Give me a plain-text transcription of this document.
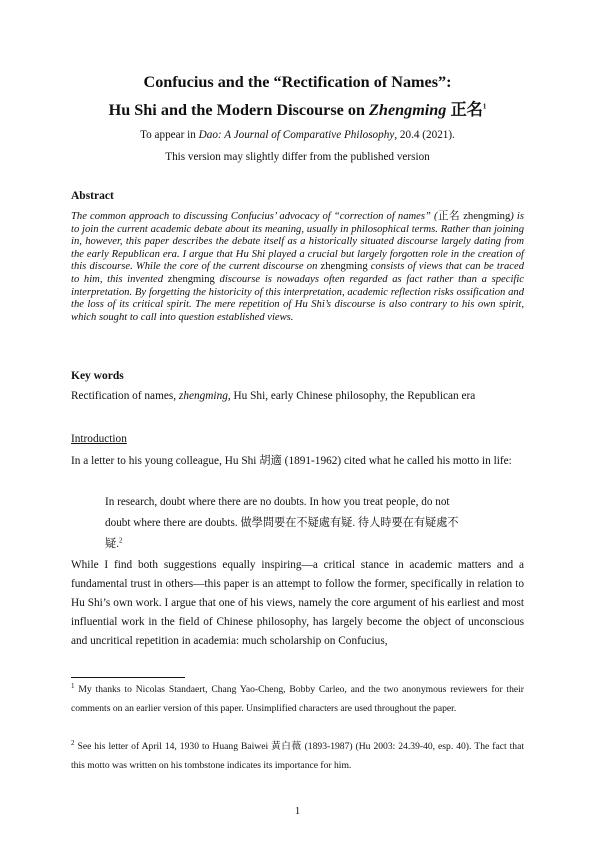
Confucius and the “Rectification of Names”:
Hu Shi and the Modern Discourse on Zhengming 正名$^1$
To appear in Dao: A Journal of Comparative Philosophy, 20.4 (2021).
This version may slightly differ from the published version
Abstract
The common approach to discussing Confucius’ advocacy of “correction of names” (正名 zhengming) is to join the current academic debate about its meaning, usually in philosophical terms. Rather than joining in, however, this paper describes the debate itself as a historically situated discourse largely dating from the early Republican era. I argue that Hu Shi played a crucial but largely forgotten role in the creation of this discourse. While the core of the current discourse on zhengming consists of views that can be traced to him, this invented zhengming discourse is nowadays often regarded as fact rather than a specific interpretation. By forgetting the historicity of this interpretation, academic reflection risks ossification and the loss of its critical spirit. The mere repetition of Hu Shi’s discourse is also contrary to his own spirit, which sought to call into question established views.
Key words
Rectification of names, zhengming, Hu Shi, early Chinese philosophy, the Republican era
Introduction
In a letter to his young colleague, Hu Shi 胡適 (1891-1962) cited what he called his motto in life:
In research, doubt where there are no doubts. In how you treat people, do not
doubt where there are doubts. 做學問要在不疑處有疑. 待人時要在有疑處不
疑.$^2$
While I find both suggestions equally inspiring—a critical stance in academic matters and a fundamental trust in others—this paper is an attempt to follow the former, specifically in relation to Hu Shi’s own work. I argue that one of his views, namely the core argument of his earliest and most influential work in the field of Chinese philosophy, has largely become the object of unconscious and uncritical repetition in academia: much scholarship on Confucius,
$^1$ My thanks to Nicolas Standaert, Chang Yao-Cheng, Bobby Carleo, and the two anonymous reviewers for their comments on an earlier version of this paper. Unsimplified characters are used throughout the paper.
$^2$ See his letter of April 14, 1930 to Huang Baiwei 黃白薇 (1893-1987) (Hu 2003: 24.39-40, esp. 40). The fact that this motto was written on his tombstone indicates its importance for him.
1
